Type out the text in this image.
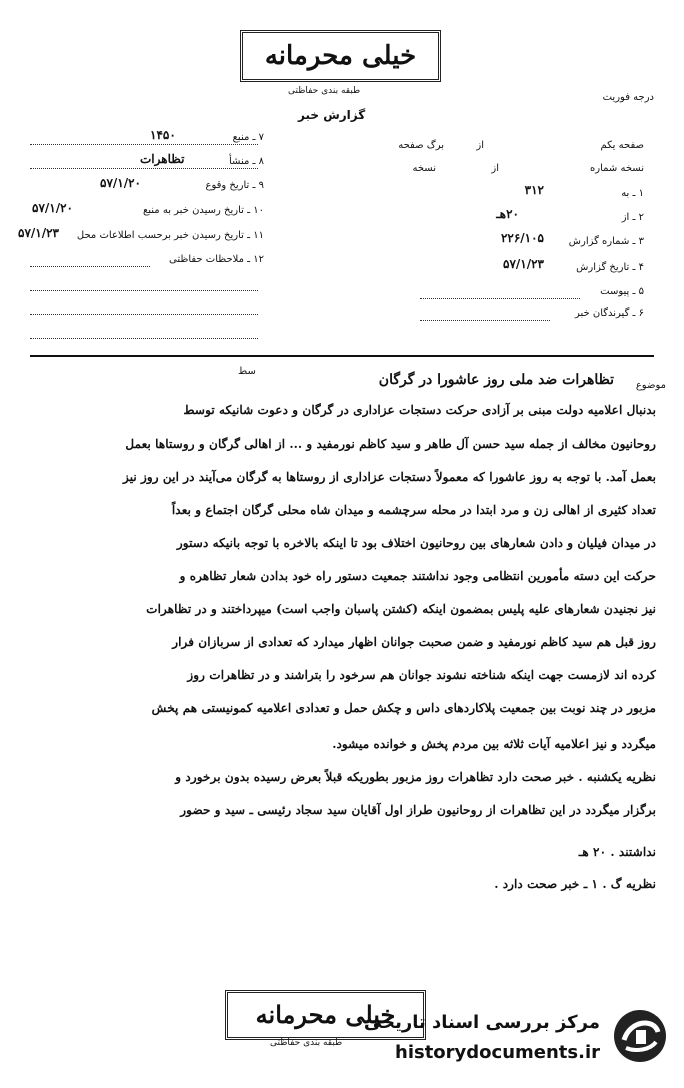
خیلی محرمانه
طبقه بندی حفاظتی
درجه فوریت
گزارش خبر
۷ ـ منبع
۱۴۵۰
۸ ـ منشأ
تظاهرات
۹ ـ تاریخ وقوع
۵۷/۱/۲۰
۱۰ ـ تاریخ رسیدن خبر به منبع
۵۷/۱/۲۰
۱۱ ـ تاریخ رسیدن خبر برحسب اطلاعات محل
۵۷/۱/۲۳
۱۲ ـ ملاحظات حفاظتی
صفحه یکم
از
برگ صفحه
نسخه شماره
از
نسخه
۱ ـ به
۳۱۲
۲ ـ از
۲۰هـ
۳ ـ شماره گزارش
۲۲۶/۱۰۵
۴ ـ تاریخ گزارش
۵۷/۱/۲۳
۵ ـ پیوست
۶ ـ گیرندگان خبر
موضوع
تظاهرات ضد ملی روز عاشورا در گرگان
سط
بدنبال اعلامیه دولت مبنی بر آزادی حرکت دستجات عزاداری در گرگان و دعوت شانیکه توسط
روحانیون مخالف از جمله سید حسن آل طاهر و سید کاظم نورمفید و ... از اهالی گرگان و روستاها بعمل
بعمل آمد. با توجه به روز عاشورا که معمولاً دستجات عزاداری از روستاها به گرگان می‌آیند در این روز نیز
تعداد کثیری از اهالی زن و مرد ابتدا در محله سرچشمه و میدان شاه محلی گرگان اجتماع و بعداً
در میدان فیلیان و دادن شعارهای بین روحانیون اختلاف بود تا اینکه بالاخره با توجه بانیکه دستور
حرکت این دسته مأمورین انتظامی وجود نداشتند جمعیت دستور راه خود بدادن شعار تظاهره و
نیز نجنیدن شعارهای علیه پلیس بمضمون اینکه (کشتن پاسبان واجب است) میپرداختند و در تظاهرات
روز قبل هم سید کاظم نورمفید و ضمن صحبت جوانان اظهار میدارد که تعدادی از سربازان فرار
کرده اند لازمست جهت اینکه شناخته نشوند جوانان هم سرخود را بتراشند و در تظاهرات روز
مزبور در چند نوبت بین جمعیت پلاکاردهای داس و چکش حمل و تعدادی اعلامیه کمونیستی هم پخش
میگردد و نیز اعلامیه آیات ثلاثه بین مردم پخش و خوانده میشود.
نظریه یکشنبه . خبر صحت دارد تظاهرات روز مزبور بطوریکه قبلاً بعرض رسیده بدون برخورد و
برگزار میگردد در این تظاهرات از روحانیون طراز اول آقایان سید سجاد رئیسی ـ سید و حضور
نداشتند . ۲۰ هـ
نظریه گ . ۱ ـ خبر صحت دارد .
خیلی محرمانه
طبقه بندی حفاظتی
مرکز بررسی اسناد تاریخی
historydocuments.ir
